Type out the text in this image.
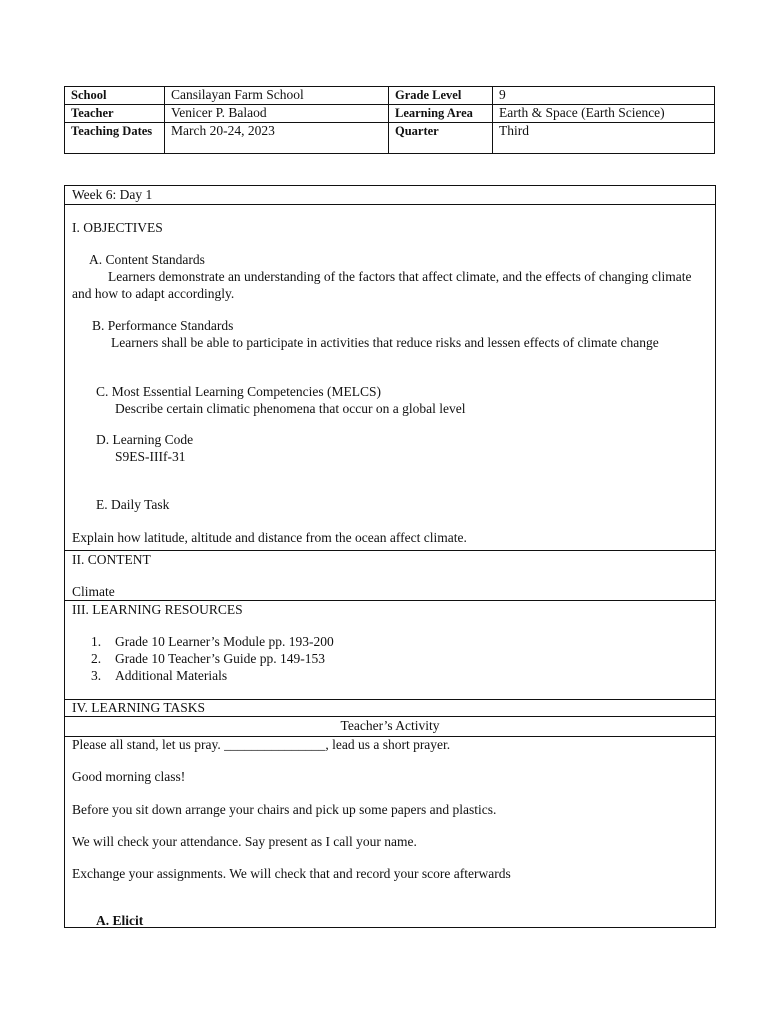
School	Cansilayan Farm School	Grade Level	9
Teacher	Venicer P. Balaod	Learning Area	Earth & Space (Earth Science)
Teaching Dates	March 20-24, 2023	Quarter	Third
Week 6: Day 1
I. OBJECTIVES
A. Content Standards
Learners demonstrate an understanding of the factors that affect climate, and the effects of changing climate and how to adapt accordingly.
B. Performance Standards
Learners shall be able to participate in activities that reduce risks and lessen effects of climate change
C. Most Essential Learning Competencies (MELCS)
Describe certain climatic phenomena that occur on a global level
D. Learning Code
S9ES-IIIf-31
E. Daily Task
Explain how latitude, altitude and distance from the ocean affect climate.
II. CONTENT
Climate
III. LEARNING RESOURCES
1. Grade 10 Learner’s Module pp. 193-200
2. Grade 10 Teacher’s Guide pp. 149-153
3. Additional Materials
IV. LEARNING TASKS
Teacher’s Activity
Please all stand, let us pray. _______________, lead us a short prayer.
Good morning class!
Before you sit down arrange your chairs and pick up some papers and plastics.
We will check your attendance. Say present as I call your name.
Exchange your assignments. We will check that and record your score afterwards
A. Elicit
